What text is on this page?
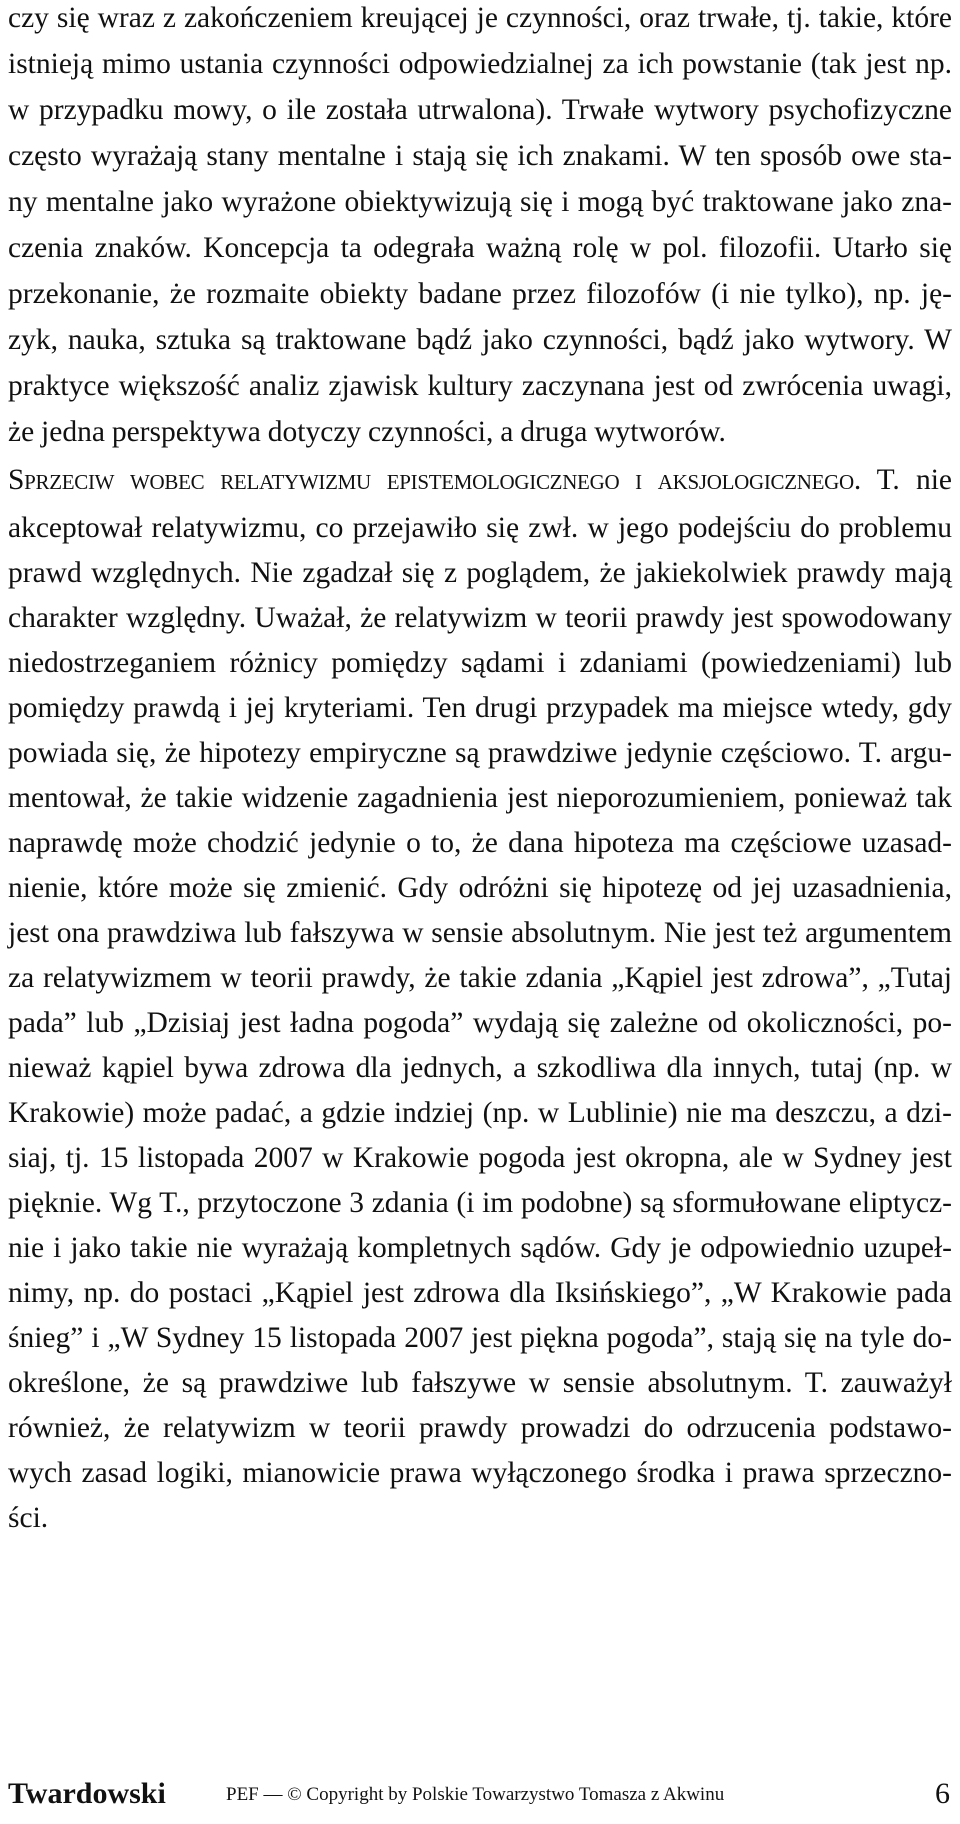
czy się wraz z zakończeniem kreującej je czynności, oraz trwałe, tj. takie, które
istnieją mimo ustania czynności odpowiedzialnej za ich powstanie (tak jest np.
w przypadku mowy, o ile została utrwalona). Trwałe wytwory psychofizyczne
często wyrażają stany mentalne i stają się ich znakami. W ten sposób owe sta-
ny mentalne jako wyrażone obiektywizują się i mogą być traktowane jako zna-
czenia znaków. Koncepcja ta odegrała ważną rolę w pol. filozofii. Utarło się
przekonanie, że rozmaite obiekty badane przez filozofów (i nie tylko), np. ję-
zyk, nauka, sztuka są traktowane bądź jako czynności, bądź jako wytwory. W
praktyce większość analiz zjawisk kultury zaczynana jest od zwrócenia uwagi,
że jedna perspektywa dotyczy czynności, a druga wytworów.
Sprzeciw wobec relatywizmu epistemologicznego i aksjologicznego. T. nie
akceptował relatywizmu, co przejawiło się zwł. w jego podejściu do problemu
prawd względnych. Nie zgadzał się z poglądem, że jakiekolwiek prawdy mają
charakter względny. Uważał, że relatywizm w teorii prawdy jest spowodowany
niedostrzeganiem różnicy pomiędzy sądami i zdaniami (powiedzeniami) lub
pomiędzy prawdą i jej kryteriami. Ten drugi przypadek ma miejsce wtedy, gdy
powiada się, że hipotezy empiryczne są prawdziwe jedynie częściowo. T. argu-
mentował, że takie widzenie zagadnienia jest nieporozumieniem, ponieważ tak
naprawdę może chodzić jedynie o to, że dana hipoteza ma częściowe uzasad-
nienie, które może się zmienić. Gdy odróżni się hipotezę od jej uzasadnienia,
jest ona prawdziwa lub fałszywa w sensie absolutnym. Nie jest też argumentem
za relatywizmem w teorii prawdy, że takie zdania „Kąpiel jest zdrowa”, „Tutaj
pada” lub „Dzisiaj jest ładna pogoda” wydają się zależne od okoliczności, po-
nieważ kąpiel bywa zdrowa dla jednych, a szkodliwa dla innych, tutaj (np. w
Krakowie) może padać, a gdzie indziej (np. w Lublinie) nie ma deszczu, a dzi-
siaj, tj. 15 listopada 2007 w Krakowie pogoda jest okropna, ale w Sydney jest
pięknie. Wg T., przytoczone 3 zdania (i im podobne) są sformułowane eliptycz-
nie i jako takie nie wyrażają kompletnych sądów. Gdy je odpowiednio uzupeł-
nimy, np. do postaci „Kąpiel jest zdrowa dla Iksińskiego”, „W Krakowie pada
śnieg” i „W Sydney 15 listopada 2007 jest piękna pogoda”, stają się na tyle do-
określone, że są prawdziwe lub fałszywe w sensie absolutnym. T. zauważył
również, że relatywizm w teorii prawdy prowadzi do odrzucenia podstawo-
wych zasad logiki, mianowicie prawa wyłączonego środka i prawa sprzeczno-
ści.
Twardowski	PEF — © Copyright by Polskie Towarzystwo Tomasza z Akwinu	6
